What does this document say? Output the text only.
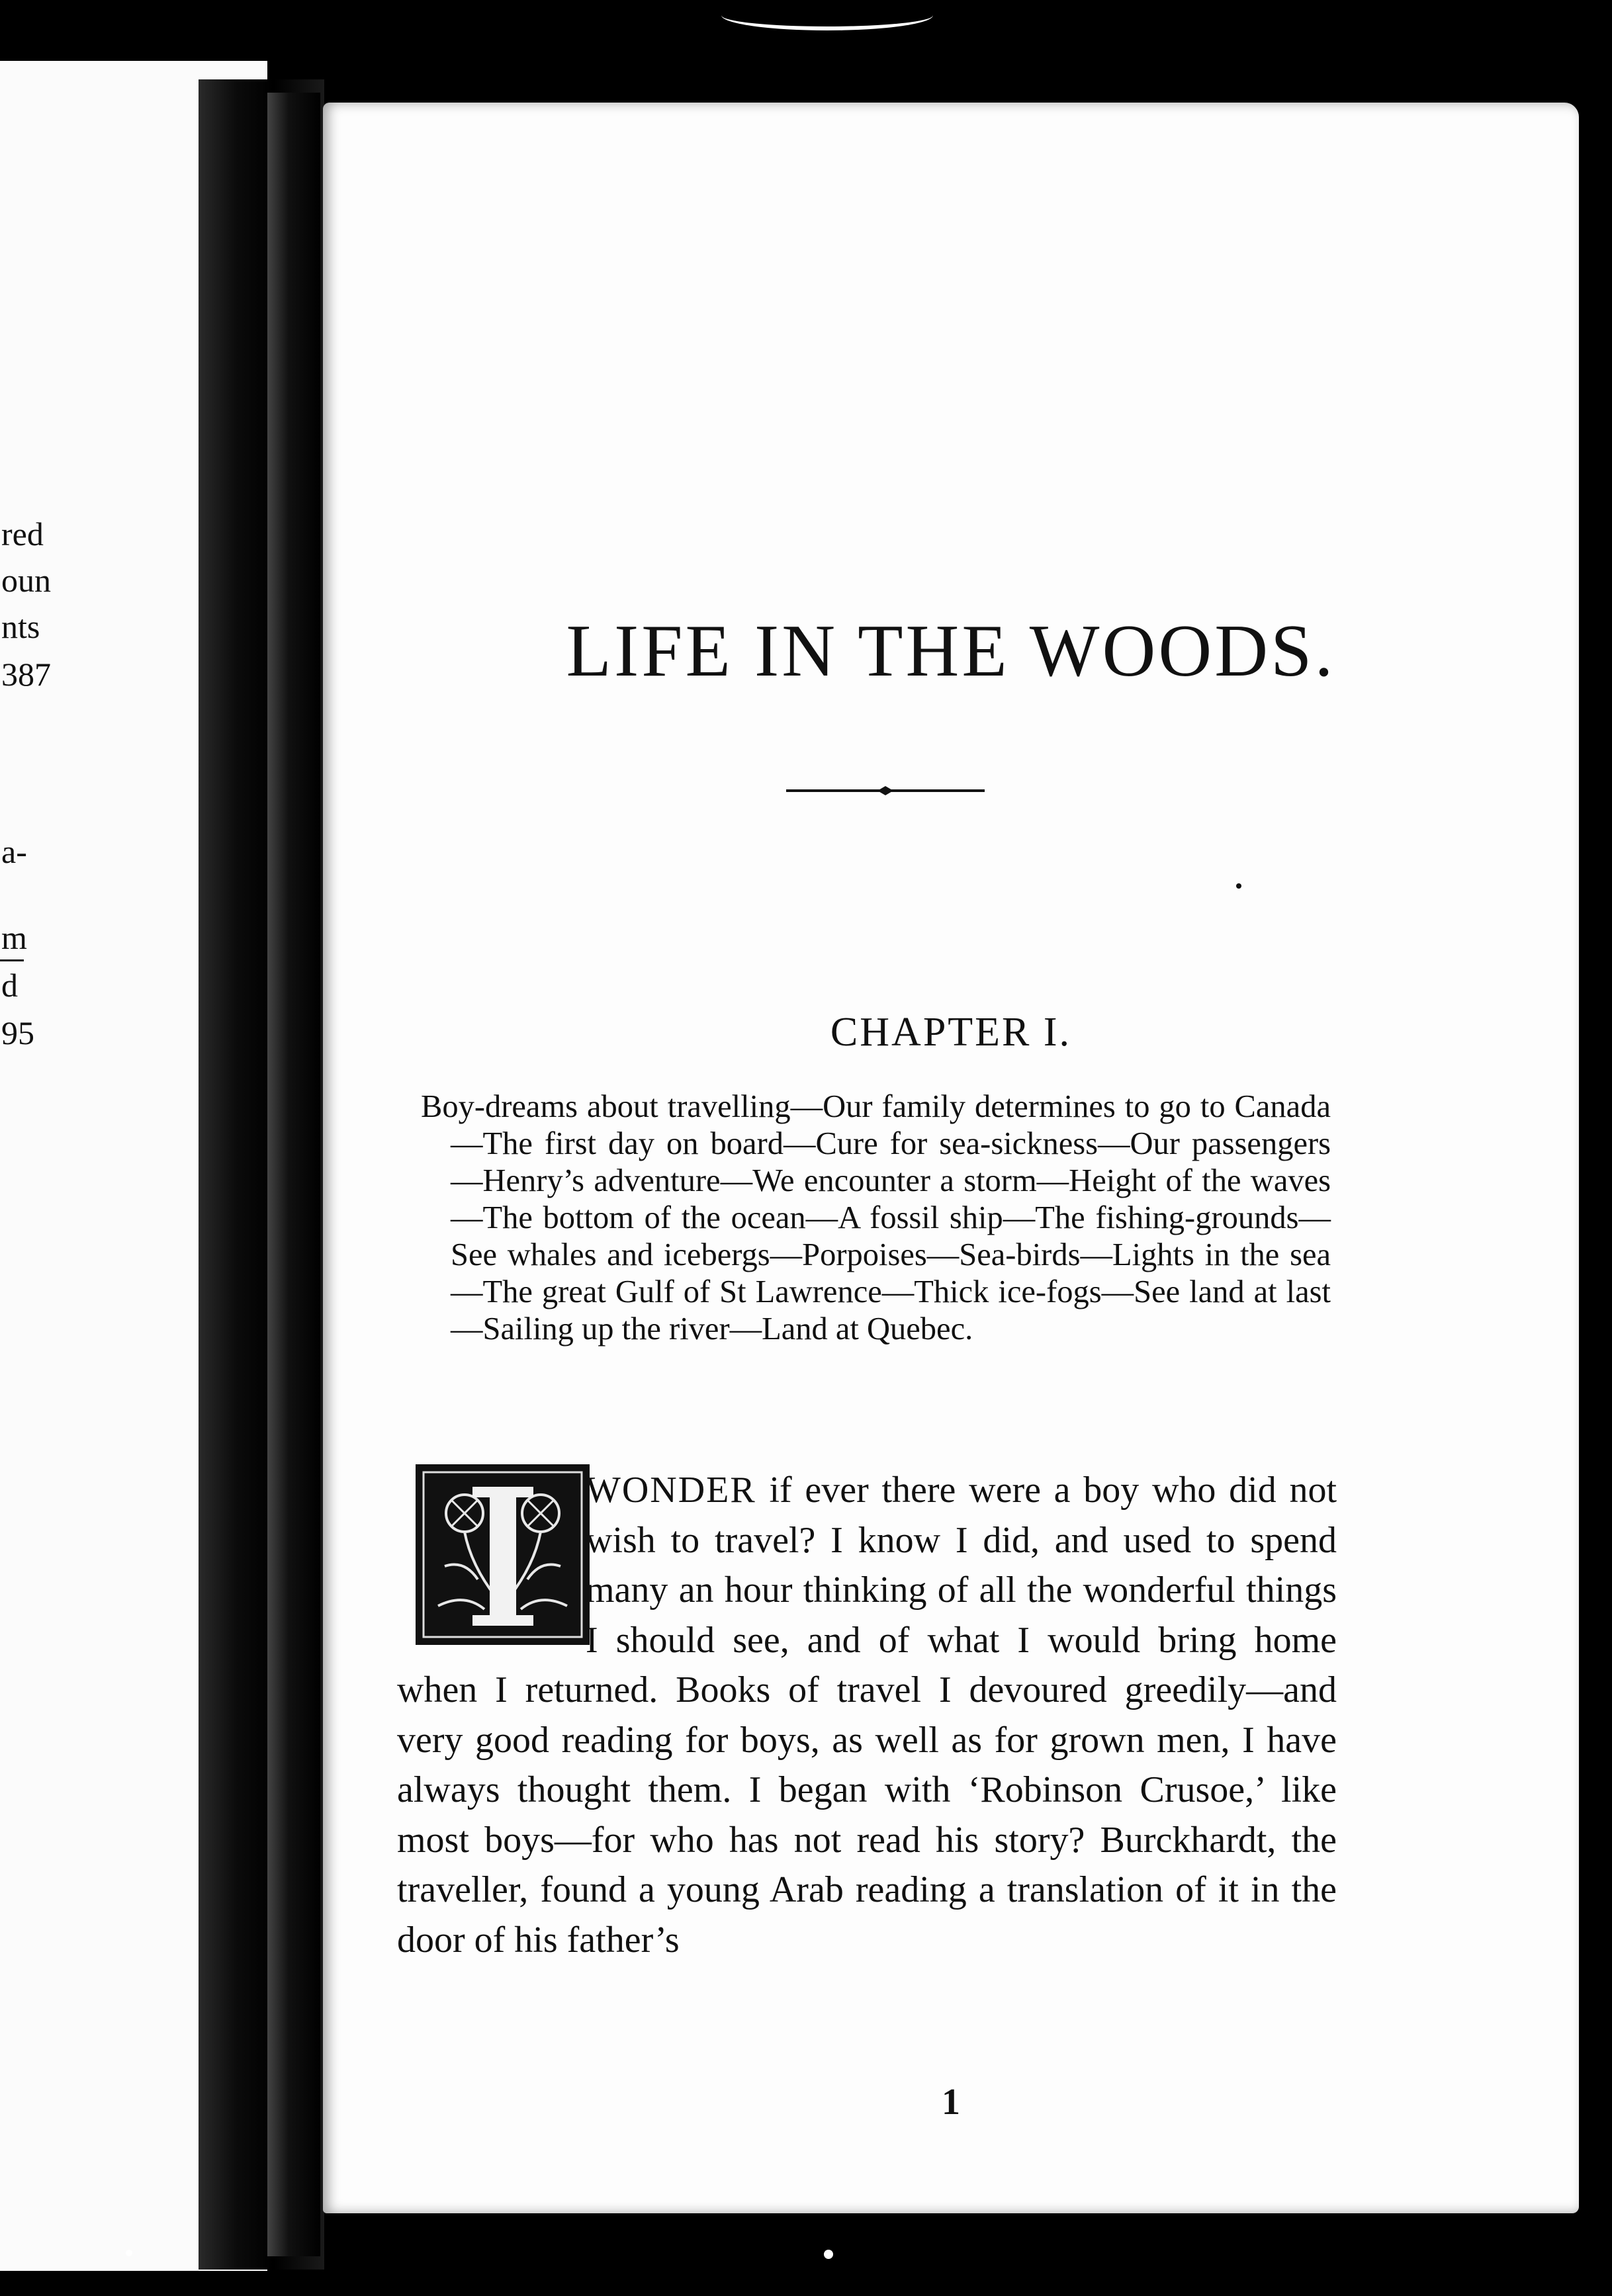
red
oun
nts
387
a-
m
d
95
LIFE IN THE WOODS.
CHAPTER I.

Boy-dreams about travelling—Our family determines to go to Canada—The first day on board—Cure for sea-sickness—Our passengers—Henry’s adventure—We encounter a storm—Height of the waves—The bottom of the ocean—A fossil ship—The fishing-grounds—See whales and icebergs—Porpoises—Sea-birds—Lights in the sea—The great Gulf of St Lawrence—Thick ice-fogs—See land at last—Sailing up the river—Land at Quebec.

WONDER if ever there were a boy who did not wish to travel? I know I did, and used to spend many an hour thinking of all the wonderful things I should see, and of what I would bring home when I returned. Books of travel I devoured greedily—and very good reading for boys, as well as for grown men, I have always thought them. I began with ‘Robinson Crusoe,’ like most boys—for who has not read his story? Burckhardt, the traveller, found a young Arab reading a translation of it in the door of his father’s

1
